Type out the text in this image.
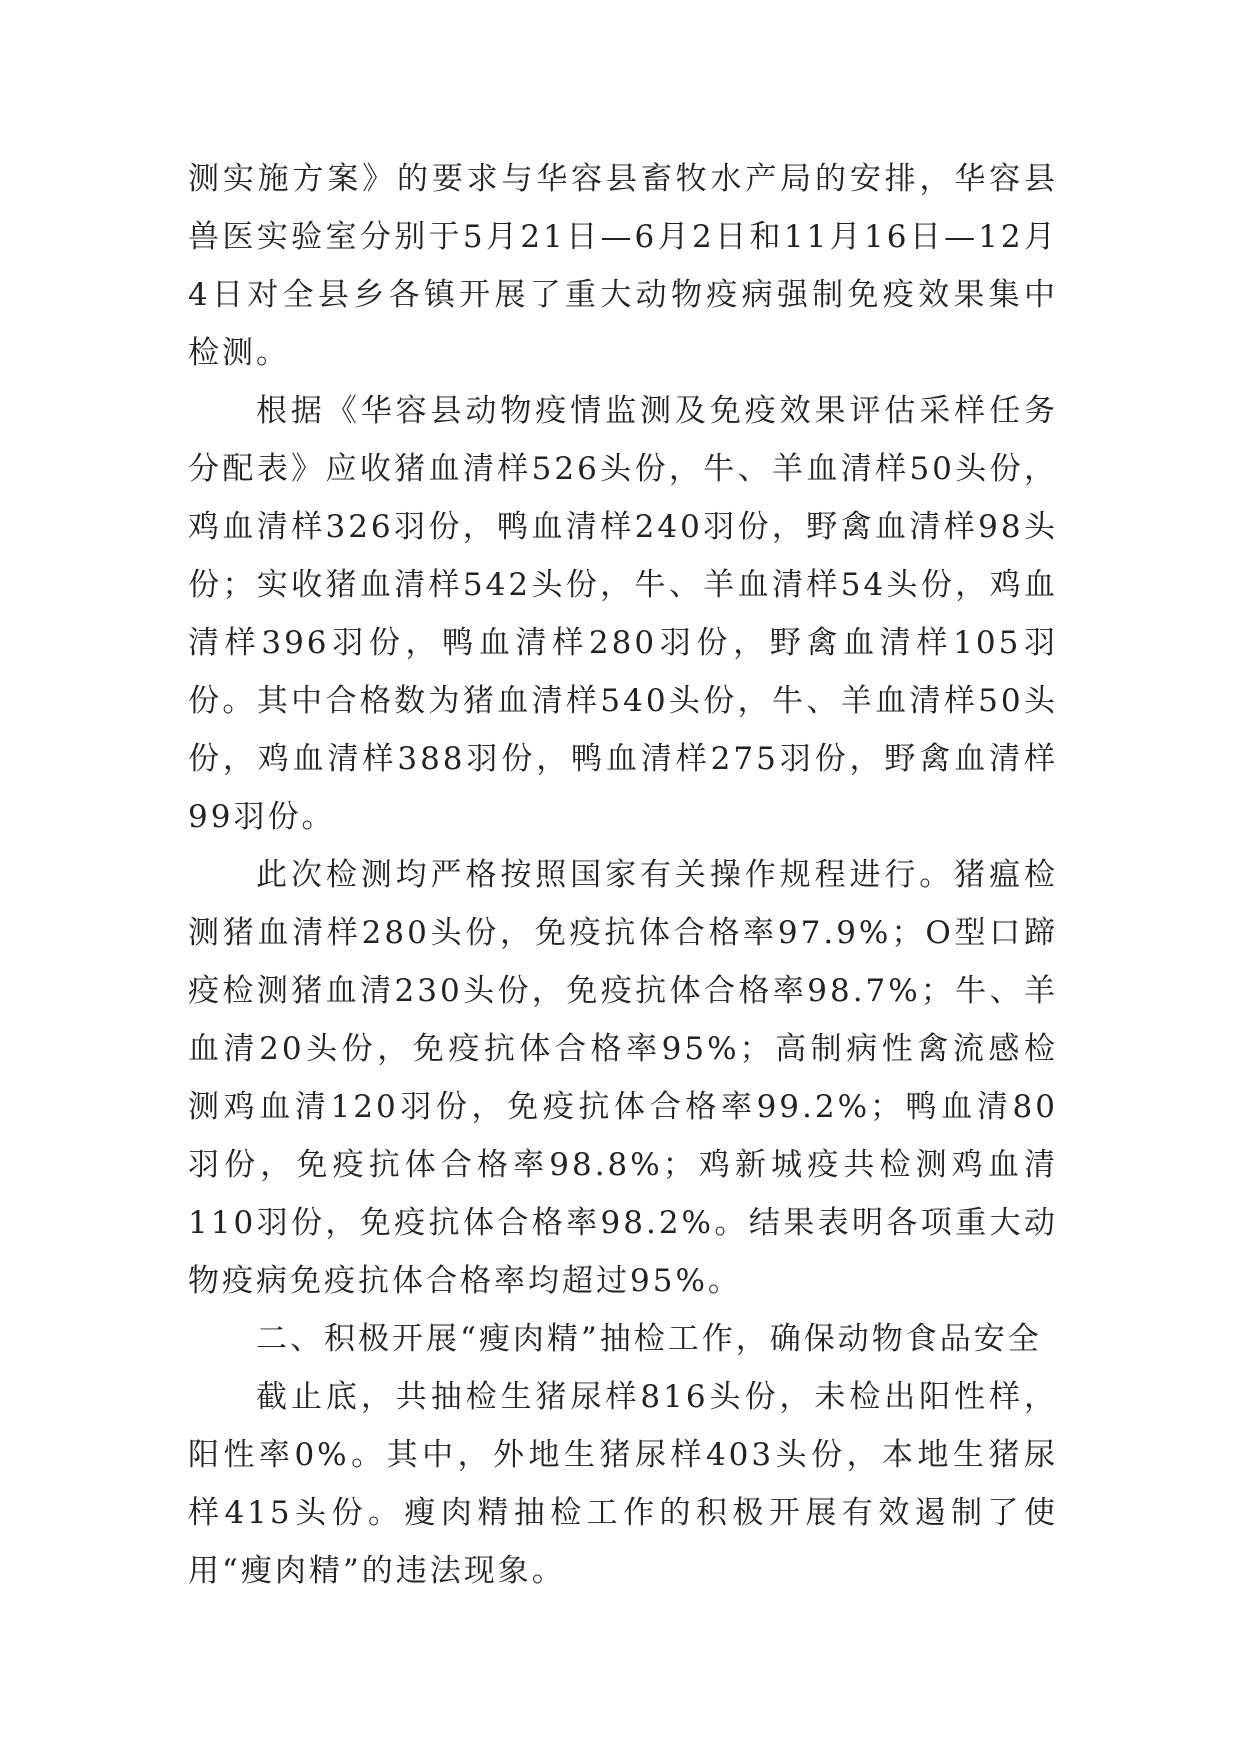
测实施方案》的要求与华容县畜牧水产局的安排，华容县兽医实验室分别于5月21日—6月2日和11月16日—12月4日对全县乡各镇开展了重大动物疫病强制免疫效果集中检测。

根据《华容县动物疫情监测及免疫效果评估采样任务分配表》应收猪血清样526头份，牛、羊血清样50头份，鸡血清样326羽份，鸭血清样240羽份，野禽血清样98头份；实收猪血清样542头份，牛、羊血清样54头份，鸡血清样396羽份，鸭血清样280羽份，野禽血清样105羽份。其中合格数为猪血清样540头份，牛、羊血清样50头份，鸡血清样388羽份，鸭血清样275羽份，野禽血清样99羽份。

此次检测均严格按照国家有关操作规程进行。猪瘟检测猪血清样280头份，免疫抗体合格率97.9%；O型口蹄疫检测猪血清230头份，免疫抗体合格率98.7%；牛、羊血清20头份，免疫抗体合格率95%；高制病性禽流感检测鸡血清120羽份，免疫抗体合格率99.2%；鸭血清80羽份，免疫抗体合格率98.8%；鸡新城疫共检测鸡血清110羽份，免疫抗体合格率98.2%。结果表明各项重大动物疫病免疫抗体合格率均超过95%。

二、积极开展“瘦肉精”抽检工作，确保动物食品安全

截止底，共抽检生猪尿样816头份，未检出阳性样，阳性率0%。其中，外地生猪尿样403头份，本地生猪尿样415头份。瘦肉精抽检工作的积极开展有效遏制了使用“瘦肉精”的违法现象。
